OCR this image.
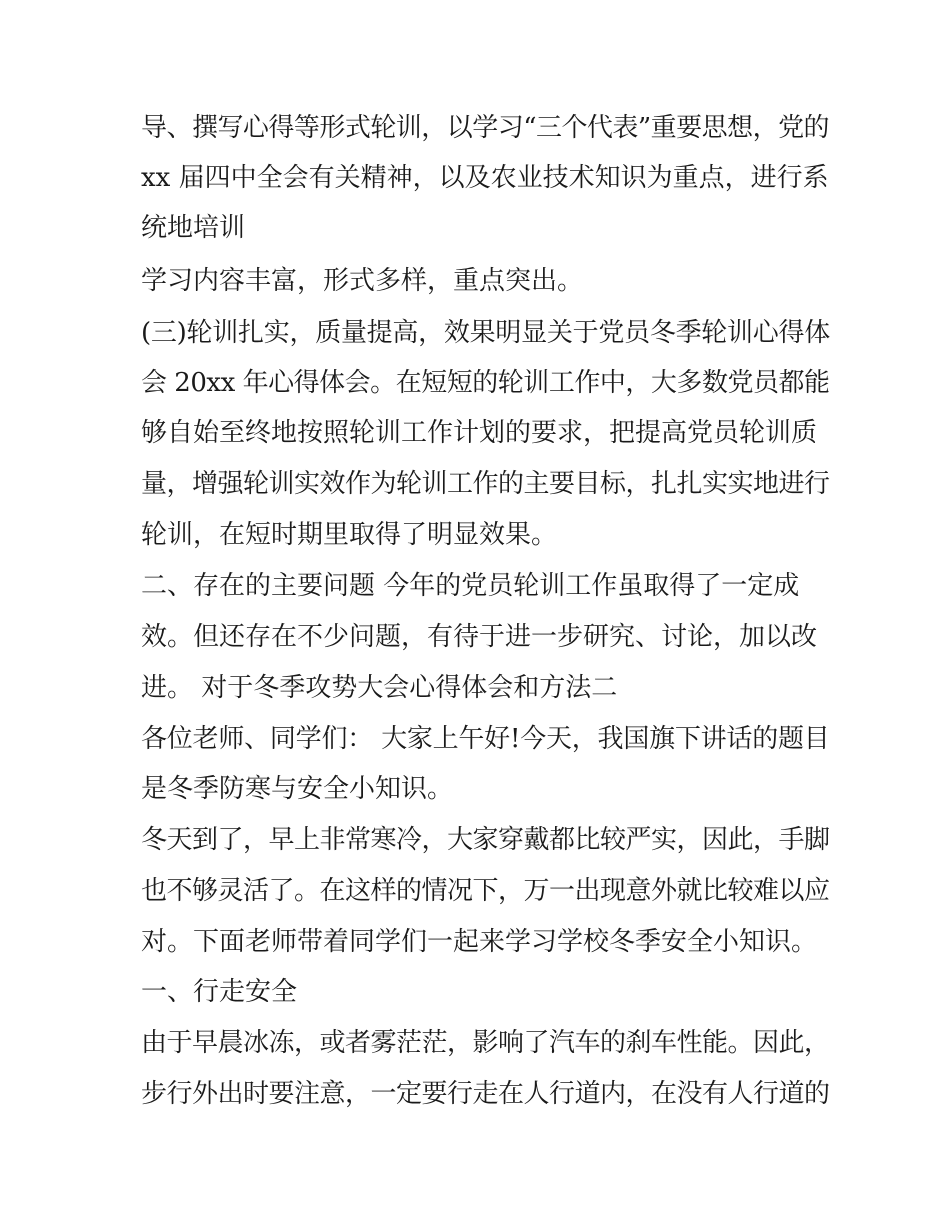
导、撰写心得等形式轮训，以学习“三个代表”重要思想，党的
xx 届四中全会有关精神，以及农业技术知识为重点，进行系
统地培训
学习内容丰富，形式多样，重点突出。
(三)轮训扎实，质量提高，效果明显关于党员冬季轮训心得体
会 20xx 年心得体会。在短短的轮训工作中，大多数党员都能
够自始至终地按照轮训工作计划的要求，把提高党员轮训质
量，增强轮训实效作为轮训工作的主要目标，扎扎实实地进行
轮训，在短时期里取得了明显效果。
二、存在的主要问题 今年的党员轮训工作虽取得了一定成
效。但还存在不少问题，有待于进一步研究、讨论，加以改
进。 对于冬季攻势大会心得体会和方法二
各位老师、同学们： 大家上午好!今天，我国旗下讲话的题目
是冬季防寒与安全小知识。
冬天到了，早上非常寒冷，大家穿戴都比较严实，因此，手脚
也不够灵活了。在这样的情况下，万一出现意外就比较难以应
对。下面老师带着同学们一起来学习学校冬季安全小知识。
一、行走安全
由于早晨冰冻，或者雾茫茫，影响了汽车的刹车性能。因此，
步行外出时要注意，一定要行走在人行道内，在没有人行道的
